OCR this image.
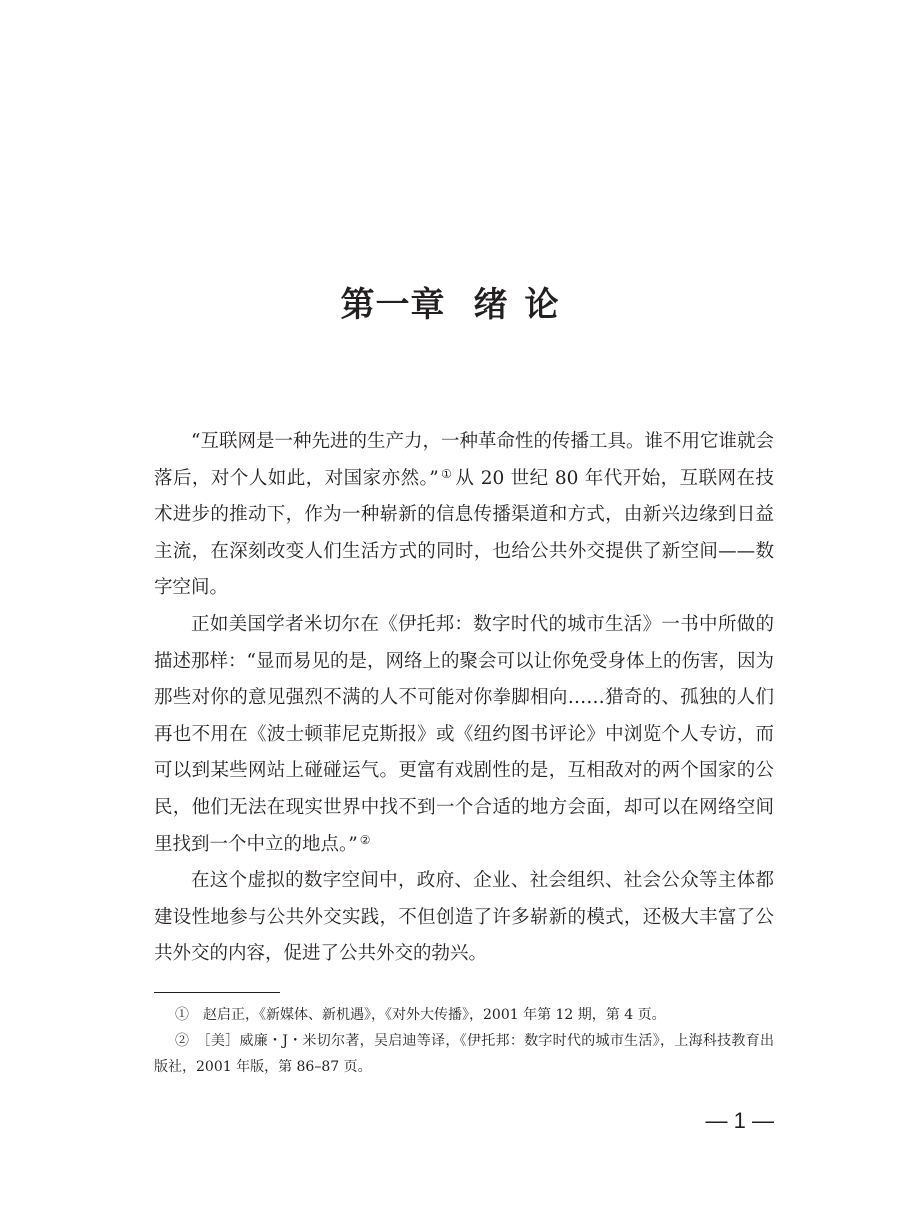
第一章 绪 论

“互联网是一种先进的生产力，一种革命性的传播工具。谁不用它谁就会落后，对个人如此，对国家亦然。” ① 从 20 世纪 80 年代开始，互联网在技术进步的推动下，作为一种崭新的信息传播渠道和方式，由新兴边缘到日益主流，在深刻改变人们生活方式的同时，也给公共外交提供了新空间——数字空间。

正如美国学者米切尔在《伊托邦：数字时代的城市生活》一书中所做的描述那样：“显而易见的是，网络上的聚会可以让你免受身体上的伤害，因为那些对你的意见强烈不满的人不可能对你拳脚相向……猎奇的、孤独的人们再也不用在《波士顿菲尼克斯报》或《纽约图书评论》中浏览个人专访，而可以到某些网站上碰碰运气。更富有戏剧性的是，互相敌对的两个国家的公民，他们无法在现实世界中找不到一个合适的地方会面，却可以在网络空间里找到一个中立的地点。” ②

在这个虚拟的数字空间中，政府、企业、社会组织、社会公众等主体都建设性地参与公共外交实践，不但创造了许多崭新的模式，还极大丰富了公共外交的内容，促进了公共外交的勃兴。

①　 赵启正，《新媒体、新机遇》，《对外大传播》，2001 年第 12 期，第 4 页。

②　 ［美］威廉・J・米切尔著，吴启迪等译，《伊托邦：数字时代的城市生活》，上海科技教育出版社，2001 年版，第 86–87 页。

— 1 —
